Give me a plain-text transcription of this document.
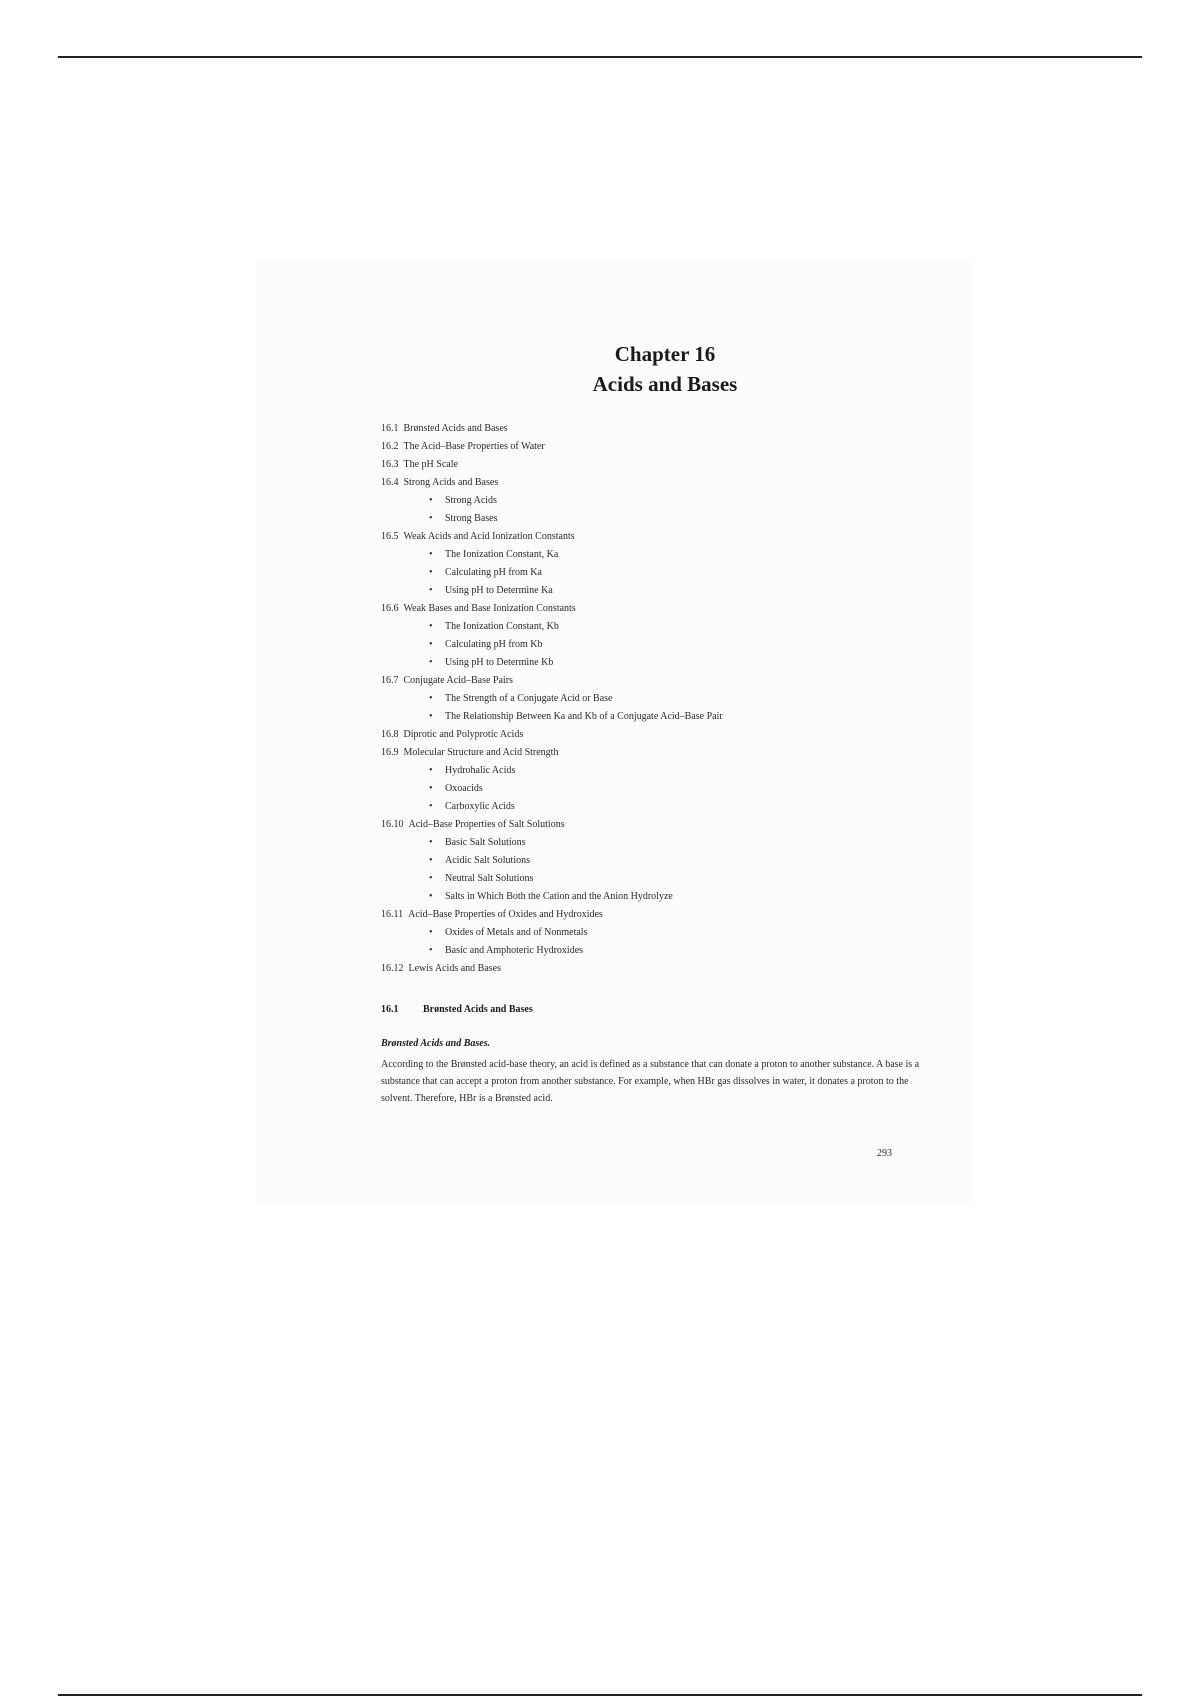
Chapter 16
Acids and Bases
16.1 Brønsted Acids and Bases
16.2 The Acid–Base Properties of Water
16.3 The pH Scale
16.4 Strong Acids and Bases
• Strong Acids
• Strong Bases
16.5 Weak Acids and Acid Ionization Constants
• The Ionization Constant, Ka
• Calculating pH from Ka
• Using pH to Determine Ka
16.6 Weak Bases and Base Ionization Constants
• The Ionization Constant, Kb
• Calculating pH from Kb
• Using pH to Determine Kb
16.7 Conjugate Acid–Base Pairs
• The Strength of a Conjugate Acid or Base
• The Relationship Between Ka and Kb of a Conjugate Acid–Base Pair
16.8 Diprotic and Polyprotic Acids
16.9 Molecular Structure and Acid Strength
• Hydrohalic Acids
• Oxoacids
• Carboxylic Acids
16.10 Acid–Base Properties of Salt Solutions
• Basic Salt Solutions
• Acidic Salt Solutions
• Neutral Salt Solutions
• Salts in Which Both the Cation and the Anion Hydrolyze
16.11 Acid–Base Properties of Oxides and Hydroxides
• Oxides of Metals and of Nonmetals
• Basic and Amphoteric Hydroxides
16.12 Lewis Acids and Bases
16.1 Brønsted Acids and Bases
Brønsted Acids and Bases.

According to the Brønsted acid-base theory, an acid is defined as a substance that can donate a proton to another substance. A base is a substance that can accept a proton from another substance. For example, when HBr gas dissolves in water, it donates a proton to the solvent. Therefore, HBr is a Brønsted acid.

293
